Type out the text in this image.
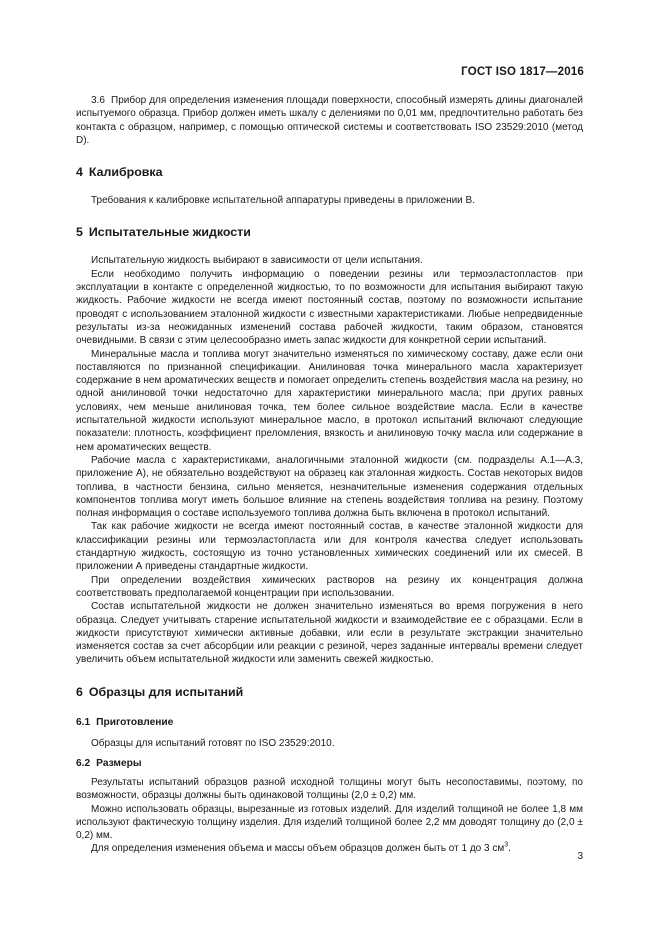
ГОСТ ISO 1817—2016

3.6 Прибор для определения изменения площади поверхности, способный измерять длины диагоналей испытуемого образца. Прибор должен иметь шкалу с делениями по 0,01 мм, предпочтительно работать без контакта с образцом, например, с помощью оптической системы и соответствовать ISO 23529:2010 (метод D).

4 Калибровка

Требования к калибровке испытательной аппаратуры приведены в приложении В.

5 Испытательные жидкости

Испытательную жидкость выбирают в зависимости от цели испытания.

Если необходимо получить информацию о поведении резины или термоэластопластов при эксплуатации в контакте с определенной жидкостью, то по возможности для испытания выбирают такую жидкость. Рабочие жидкости не всегда имеют постоянный состав, поэтому по возможности испытание проводят с использованием эталонной жидкости с известными характеристиками. Любые непредвиденные результаты из-за неожиданных изменений состава рабочей жидкости, таким образом, становятся очевидными. В связи с этим целесообразно иметь запас жидкости для конкретной серии испытаний.

Минеральные масла и топлива могут значительно изменяться по химическому составу, даже если они поставляются по признанной спецификации. Анилиновая точка минерального масла характеризует содержание в нем ароматических веществ и помогает определить степень воздействия масла на резину, но одной анилиновой точки недостаточно для характеристики минерального масла; при других равных условиях, чем меньше анилиновая точка, тем более сильное воздействие масла. Если в качестве испытательной жидкости используют минеральное масло, в протокол испытаний включают следующие показатели: плотность, коэффициент преломления, вязкость и анилиновую точку масла или содержание в нем ароматических веществ.

Рабочие масла с характеристиками, аналогичными эталонной жидкости (см. подразделы А.1—А.3, приложение А), не обязательно воздействуют на образец как эталонная жидкость. Состав некоторых видов топлива, в частности бензина, сильно меняется, незначительные изменения содержания отдельных компонентов топлива могут иметь большое влияние на степень воздействия топлива на резину. Поэтому полная информация о составе используемого топлива должна быть включена в протокол испытаний.

Так как рабочие жидкости не всегда имеют постоянный состав, в качестве эталонной жидкости для классификации резины или термоэластопласта или для контроля качества следует использовать стандартную жидкость, состоящую из точно установленных химических соединений или их смесей. В приложении А приведены стандартные жидкости.

При определении воздействия химических растворов на резину их концентрация должна соответствовать предполагаемой концентрации при использовании.

Состав испытательной жидкости не должен значительно изменяться во время погружения в него образца. Следует учитывать старение испытательной жидкости и взаимодействие ее с образцами. Если в жидкости присутствуют химически активные добавки, или если в результате экстракции значительно изменяется состав за счет абсорбции или реакции с резиной, через заданные интервалы времени следует увеличить объем испытательной жидкости или заменить свежей жидкостью.

6 Образцы для испытаний
6.1 Приготовление

Образцы для испытаний готовят по ISO 23529:2010.

6.2 Размеры

Результаты испытаний образцов разной исходной толщины могут быть несопоставимы, поэтому, по возможности, образцы должны быть одинаковой толщины (2,0 ± 0,2) мм.

Можно использовать образцы, вырезанные из готовых изделий. Для изделий толщиной не более 1,8 мм используют фактическую толщину изделия. Для изделий толщиной более 2,2 мм доводят толщину до (2,0 ± 0,2) мм.

Для определения изменения объема и массы объем образцов должен быть от 1 до 3 $см^3$.

3
